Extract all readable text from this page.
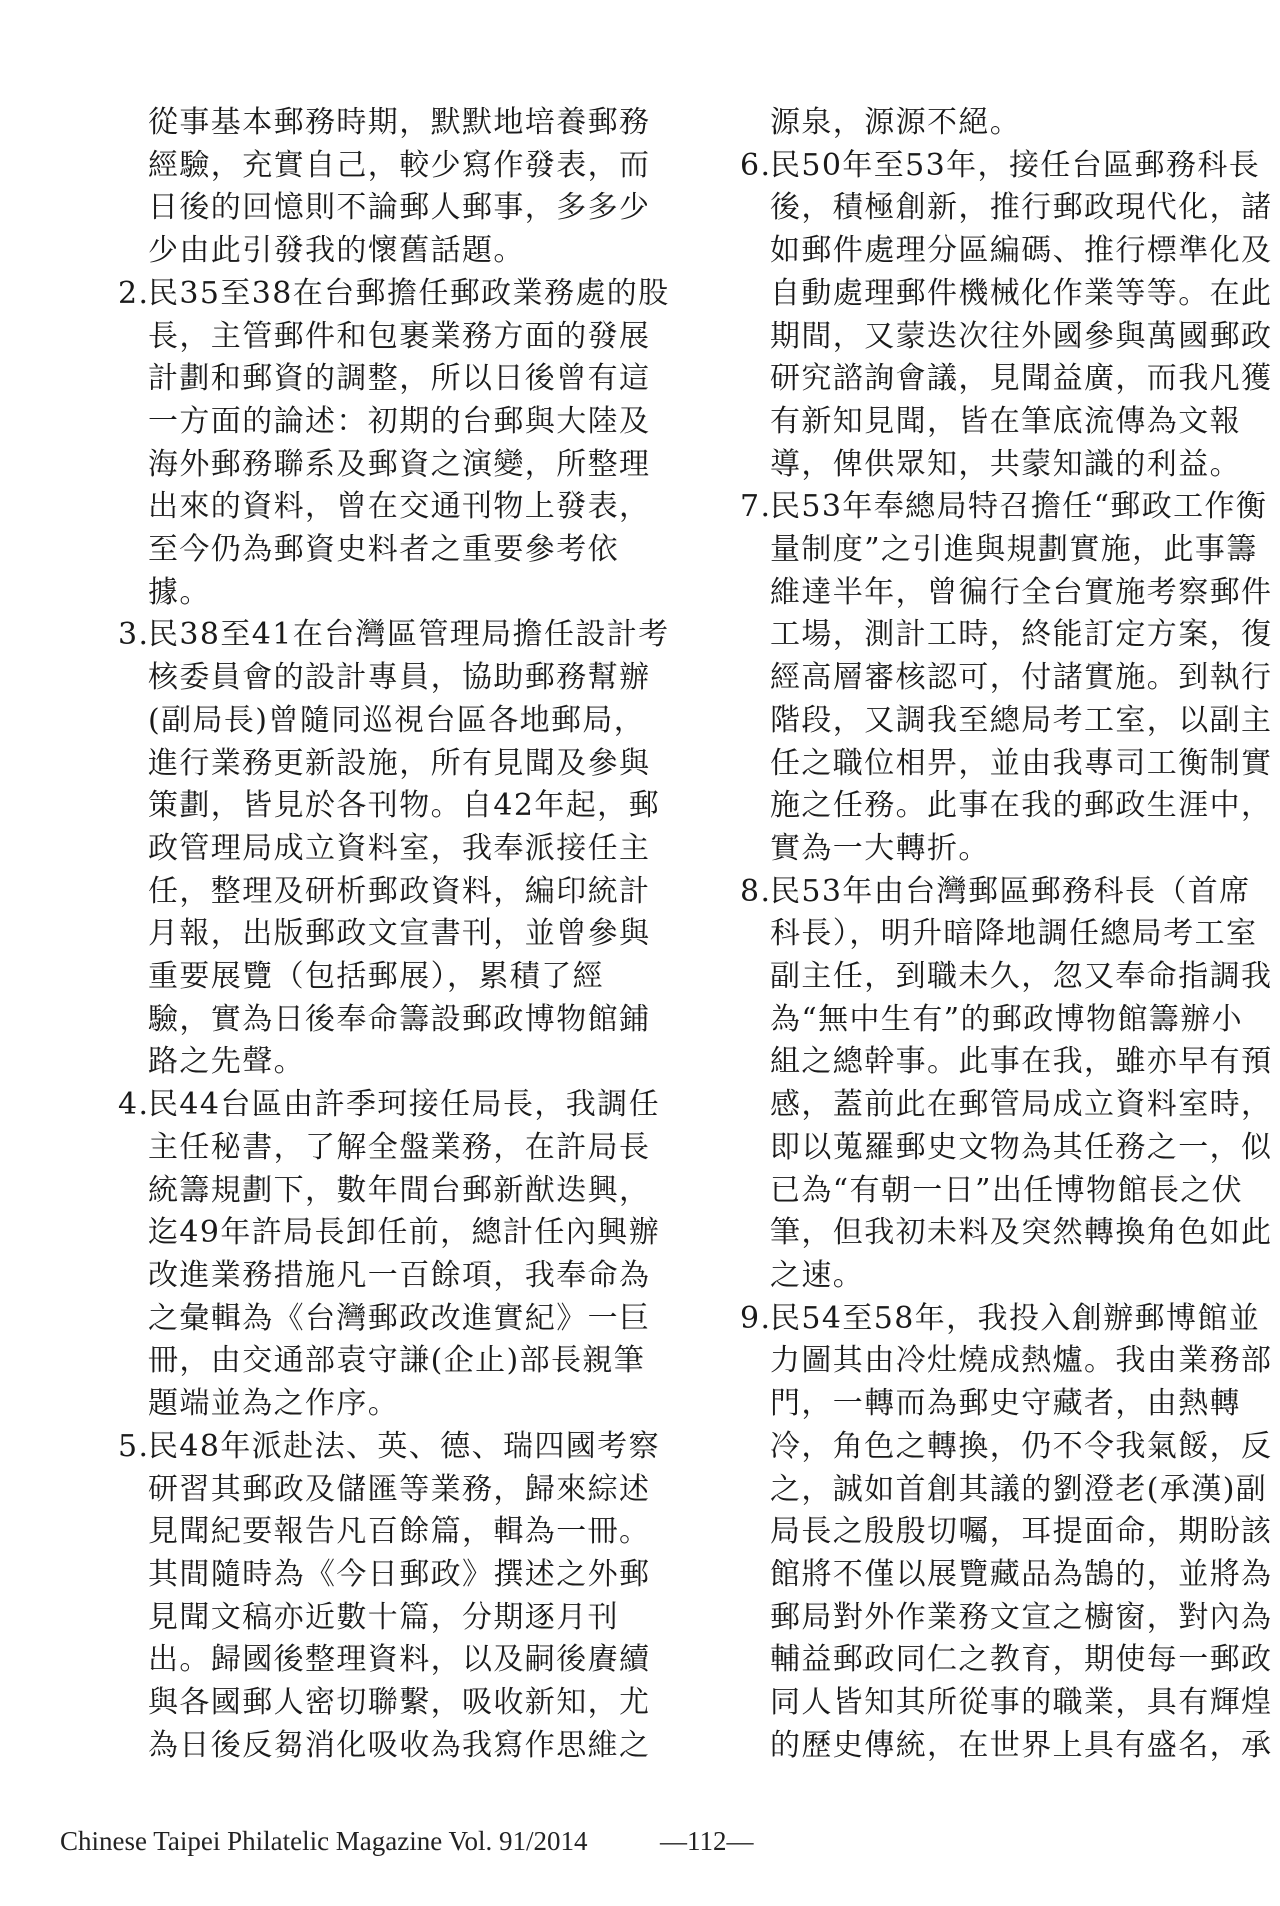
從事基本郵務時期，默默地培養郵務
經驗，充實自己，較少寫作發表，而
日後的回憶則不論郵人郵事，多多少
少由此引發我的懷舊話題。
2.
民35至38在台郵擔任郵政業務處的股
長，主管郵件和包裹業務方面的發展
計劃和郵資的調整，所以日後曾有這
一方面的論述：初期的台郵與大陸及
海外郵務聯系及郵資之演變，所整理
出來的資料，曾在交通刊物上發表，
至今仍為郵資史料者之重要參考依
據。
3.
民38至41在台灣區管理局擔任設計考
核委員會的設計專員，協助郵務幫辦
(副局長)曾隨同巡視台區各地郵局，
進行業務更新設施，所有見聞及參與
策劃，皆見於各刊物。自42年起，郵
政管理局成立資料室，我奉派接任主
任，整理及研析郵政資料，編印統計
月報，出版郵政文宣書刊，並曾參與
重要展覽（包括郵展），累積了經
驗，實為日後奉命籌設郵政博物館鋪
路之先聲。
4.
民44台區由許季珂接任局長，我調任
主任秘書，了解全盤業務，在許局長
統籌規劃下，數年間台郵新猷迭興，
迄49年許局長卸任前，總計任內興辦
改進業務措施凡一百餘項，我奉命為
之彙輯為《台灣郵政改進實紀》一巨
冊，由交通部袁守謙(企止)部長親筆
題端並為之作序。
5.
民48年派赴法、英、德、瑞四國考察
研習其郵政及儲匯等業務，歸來綜述
見聞紀要報告凡百餘篇，輯為一冊。
其間隨時為《今日郵政》撰述之外郵
見聞文稿亦近數十篇，分期逐月刊
出。歸國後整理資料，以及嗣後賡續
與各國郵人密切聯繫，吸收新知，尤
為日後反芻消化吸收為我寫作思維之
源泉，源源不絕。
6.
民50年至53年，接任台區郵務科長
後，積極創新，推行郵政現代化，諸
如郵件處理分區編碼、推行標準化及
自動處理郵件機械化作業等等。在此
期間，又蒙迭次往外國參與萬國郵政
研究諮詢會議，見聞益廣，而我凡獲
有新知見聞，皆在筆底流傳為文報
導，俾供眾知，共蒙知識的利益。
7.
民53年奉總局特召擔任“郵政工作衡
量制度”之引進與規劃實施，此事籌
維達半年，曾徧行全台實施考察郵件
工場，測計工時，終能訂定方案，復
經高層審核認可，付諸實施。到執行
階段，又調我至總局考工室，以副主
任之職位相畀，並由我專司工衡制實
施之任務。此事在我的郵政生涯中，
實為一大轉折。
8.
民53年由台灣郵區郵務科長（首席
科長），明升暗降地調任總局考工室
副主任，到職未久，忽又奉命指調我
為“無中生有”的郵政博物館籌辦小
組之總幹事。此事在我，雖亦早有預
感，蓋前此在郵管局成立資料室時，
即以蒐羅郵史文物為其任務之一，似
已為“有朝一日”出任博物館長之伏
筆，但我初未料及突然轉換角色如此
之速。
9.
民54至58年，我投入創辦郵博館並
力圖其由冷灶燒成熱爐。我由業務部
門，一轉而為郵史守藏者，由熱轉
冷，角色之轉換，仍不令我氣餒，反
之，誠如首創其議的劉澄老(承漢)副
局長之殷殷切囑，耳提面命，期盼該
館將不僅以展覽藏品為鵠的，並將為
郵局對外作業務文宣之櫥窗，對內為
輔益郵政同仁之教育，期使每一郵政
同人皆知其所從事的職業，具有輝煌
的歷史傳統，在世界上具有盛名，承
Chinese Taipei Philatelic Magazine Vol. 91/2014	—112—
